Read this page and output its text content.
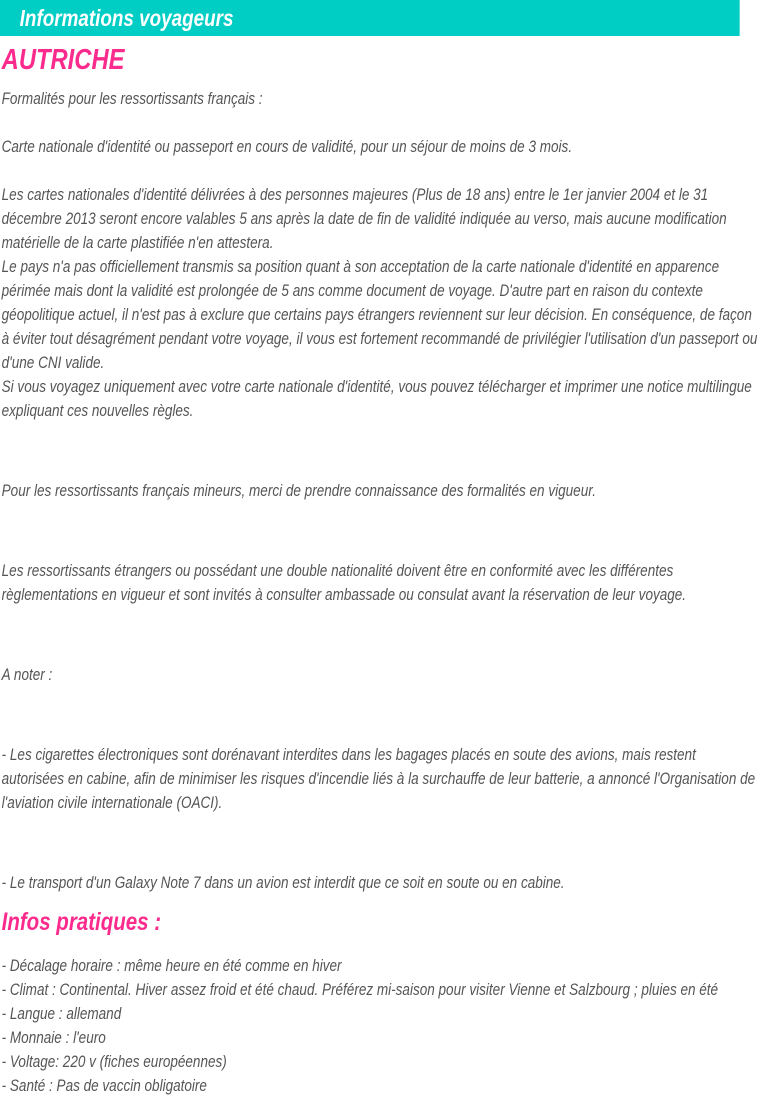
Informations voyageurs
AUTRICHE

Formalités pour les ressortissants français :

Carte nationale d'identité ou passeport en cours de validité, pour un séjour de moins de 3 mois.

Les cartes nationales d'identité délivrées à des personnes majeures (Plus de 18 ans) entre le 1er janvier 2004 et le 31 décembre 2013 seront encore valables 5 ans après la date de fin de validité indiquée au verso, mais aucune modification matérielle de la carte plastifiée n'en attestera.

Le pays n'a pas officiellement transmis sa position quant à son acceptation de la carte nationale d'identité en apparence périmée mais dont la validité est prolongée de 5 ans comme document de voyage. D'autre part en raison du contexte géopolitique actuel, il n'est pas à exclure que certains pays étrangers reviennent sur leur décision. En conséquence, de façon à éviter tout désagrément pendant votre voyage, il vous est fortement recommandé de privilégier l'utilisation d'un passeport ou d'une CNI valide.

Si vous voyagez uniquement avec votre carte nationale d'identité, vous pouvez télécharger et imprimer une notice multilingue expliquant ces nouvelles règles.

Pour les ressortissants français mineurs, merci de prendre connaissance des formalités en vigueur.

Les ressortissants étrangers ou possédant une double nationalité doivent être en conformité avec les différentes règlementations en vigueur et sont invités à consulter ambassade ou consulat avant la réservation de leur voyage.

A noter :

- Les cigarettes électroniques sont dorénavant interdites dans les bagages placés en soute des avions, mais restent autorisées en cabine, afin de minimiser les risques d'incendie liés à la surchauffe de leur batterie, a annoncé l'Organisation de l'aviation civile internationale (OACI).

- Le transport d'un Galaxy Note 7 dans un avion est interdit que ce soit en soute ou en cabine.

Infos pratiques :
- Décalage horaire : même heure en été comme en hiver
- Climat : Continental. Hiver assez froid et été chaud. Préférez mi-saison pour visiter Vienne et Salzbourg ; pluies en été
- Langue : allemand
- Monnaie : l'euro
- Voltage: 220 v (fiches européennes)
- Santé : Pas de vaccin obligatoire
